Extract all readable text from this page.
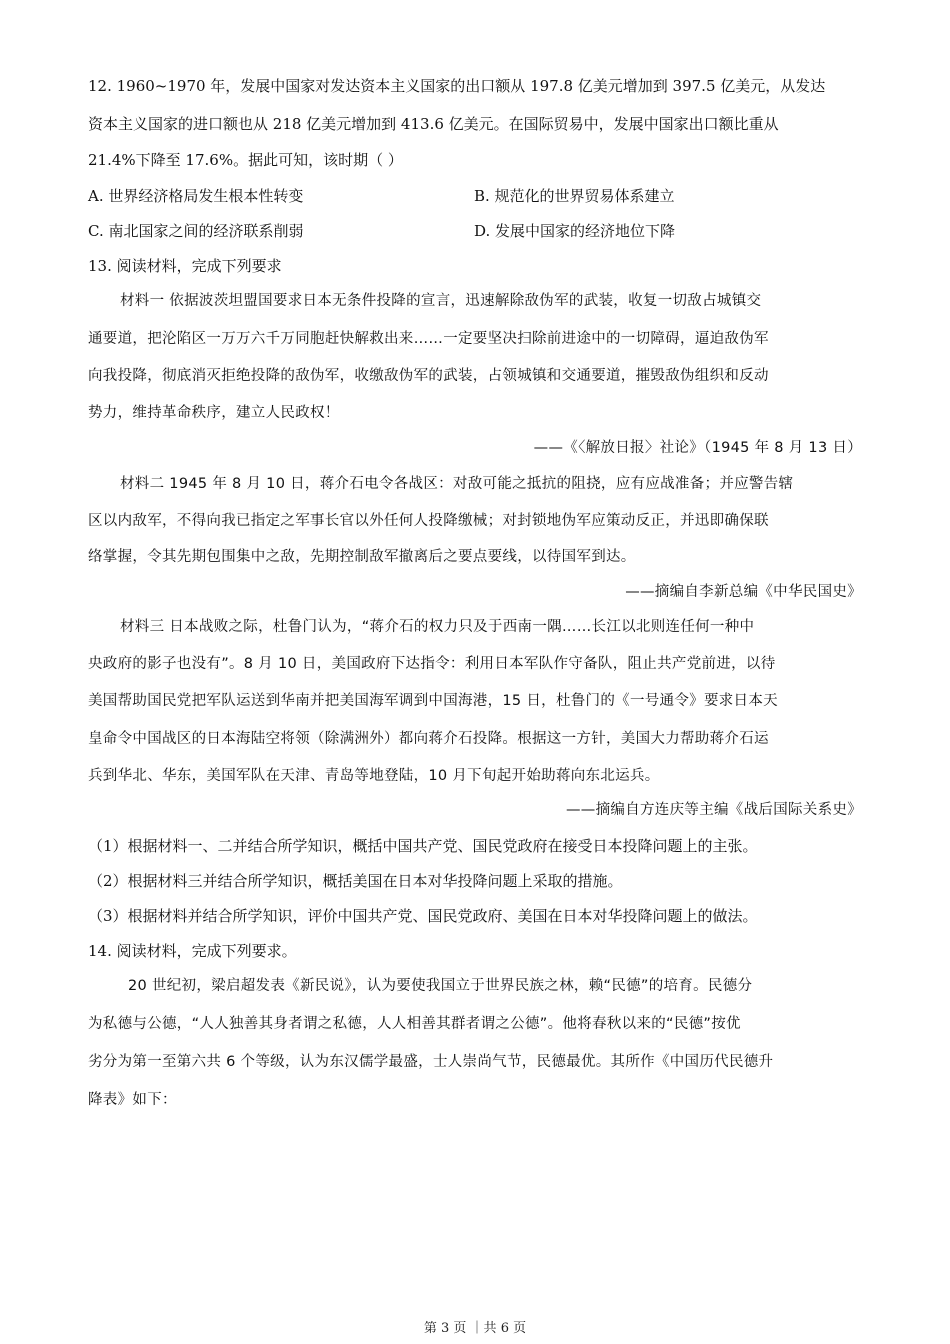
12. 1960~1970 年，发展中国家对发达资本主义国家的出口额从 197.8 亿美元增加到 397.5 亿美元，从发达
资本主义国家的进口额也从 218 亿美元增加到 413.6 亿美元。在国际贸易中，发展中国家出口额比重从
21.4%下降至 17.6%。据此可知，该时期（ ）
A. 世界经济格局发生根本性转变	B. 规范化的世界贸易体系建立
C. 南北国家之间的经济联系削弱	D. 发展中国家的经济地位下降
13. 阅读材料，完成下列要求
材料一 依据波茨坦盟国要求日本无条件投降的宣言，迅速解除敌伪军的武装，收复一切敌占城镇交
通要道，把沦陷区一万万六千万同胞赶快解救出来……一定要坚决扫除前进途中的一切障碍，逼迫敌伪军
向我投降，彻底消灭拒绝投降的敌伪军，收缴敌伪军的武装，占领城镇和交通要道，摧毁敌伪组织和反动
势力，维持革命秩序，建立人民政权！
——《〈解放日报〉社论》（1945 年 8 月 13 日）
材料二 1945 年 8 月 10 日，蒋介石电令各战区：对敌可能之抵抗的阻挠，应有应战准备；并应警告辖
区以内敌军，不得向我已指定之军事长官以外任何人投降缴械；对封锁地伪军应策动反正，并迅即确保联
络掌握，令其先期包围集中之敌，先期控制敌军撤离后之要点要线，以待国军到达。
——摘编自李新总编《中华民国史》
材料三 日本战败之际，杜鲁门认为，“蒋介石的权力只及于西南一隅……长江以北则连任何一种中
央政府的影子也没有”。8 月 10 日，美国政府下达指令：利用日本军队作守备队，阻止共产党前进，以待
美国帮助国民党把军队运送到华南并把美国海军调到中国海港，15 日，杜鲁门的《一号通令》要求日本天
皇命令中国战区的日本海陆空将领（除满洲外）都向蒋介石投降。根据这一方针，美国大力帮助蒋介石运
兵到华北、华东，美国军队在天津、青岛等地登陆，10 月下旬起开始助蒋向东北运兵。
——摘编自方连庆等主编《战后国际关系史》
（1）根据材料一、二并结合所学知识，概括中国共产党、国民党政府在接受日本投降问题上的主张。
（2）根据材料三并结合所学知识，概括美国在日本对华投降问题上采取的措施。
（3）根据材料并结合所学知识，评价中国共产党、国民党政府、美国在日本对华投降问题上的做法。
14. 阅读材料，完成下列要求。
20 世纪初，梁启超发表《新民说》，认为要使我国立于世界民族之林，赖“民德”的培育。民德分
为私德与公德，“人人独善其身者谓之私德，人人相善其群者谓之公德”。他将春秋以来的“民德”按优
劣分为第一至第六共 6 个等级，认为东汉儒学最盛，士人崇尚气节，民德最优。其所作《中国历代民德升
降表》如下：
第 3 页 ｜共 6 页
